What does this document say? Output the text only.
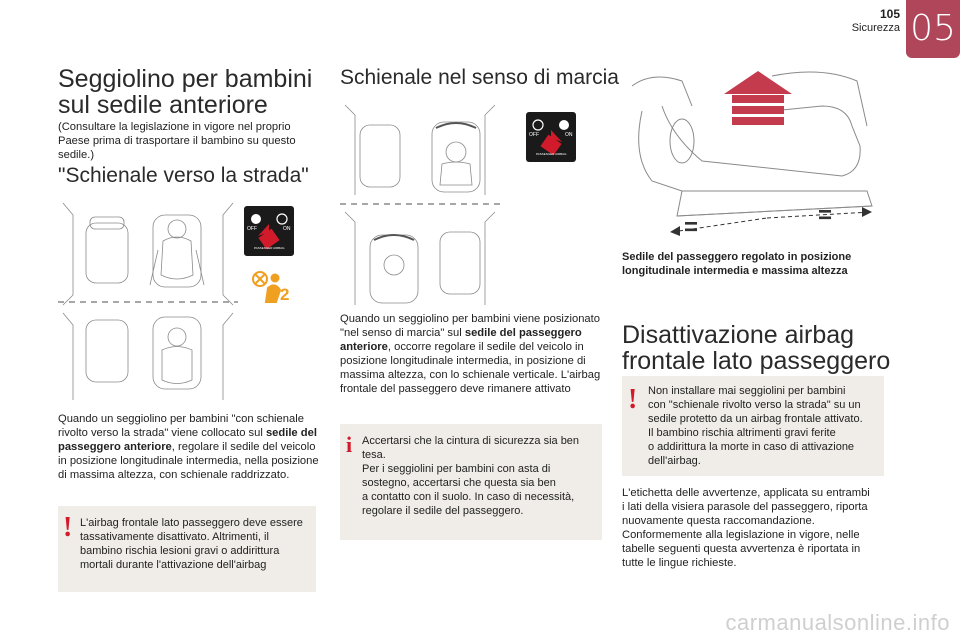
105
Sicurezza 05
Seggiolino per bambini
sul sedile anteriore
(Consultare la legislazione in vigore nel proprio
Paese prima di trasportare il bambino su questo
sedile.)
"Schienale verso la strada"
OFF	ON
PASSENGER AIRBAG
2
Quando un seggiolino per bambini "con schienale
rivolto verso la strada" viene collocato sul sedile del
passeggero anteriore, regolare il sedile del veicolo
in posizione longitudinale intermedia, nella posizione
di massima altezza, con schienale raddrizzato.
! L'airbag frontale lato passeggero deve essere
tassativamente disattivato. Altrimenti, il
bambino rischia lesioni gravi o addirittura
mortali durante l'attivazione dell'airbag
Schienale nel senso di marcia
OFF	ON
PASSENGER AIRBAG
Quando un seggiolino per bambini viene posizionato
"nel senso di marcia" sul sedile del passeggero
anteriore, occorre regolare il sedile del veicolo in
posizione longitudinale intermedia, in posizione di
massima altezza, con lo schienale verticale. L'airbag
frontale del passeggero deve rimanere attivato
i Accertarsi che la cintura di sicurezza sia ben
tesa.
Per i seggiolini per bambini con asta di
sostegno, accertarsi che questa sia ben
a contatto con il suolo. In caso di necessità,
regolare il sedile del passeggero.
=	=
Sedile del passeggero regolato in posizione
longitudinale intermedia e massima altezza
Disattivazione airbag
frontale lato passeggero
! Non installare mai seggiolini per bambini
con "schienale rivolto verso la strada" su un
sedile protetto da un airbag frontale attivato.
Il bambino rischia altrimenti gravi ferite
o addirittura la morte in caso di attivazione
dell'airbag.
L'etichetta delle avvertenze, applicata su entrambi
i lati della visiera parasole del passeggero, riporta
nuovamente questa raccomandazione.
Conformemente alla legislazione in vigore, nelle
tabelle seguenti questa avvertenza è riportata in
tutte le lingue richieste.
carmanualsonline.info
